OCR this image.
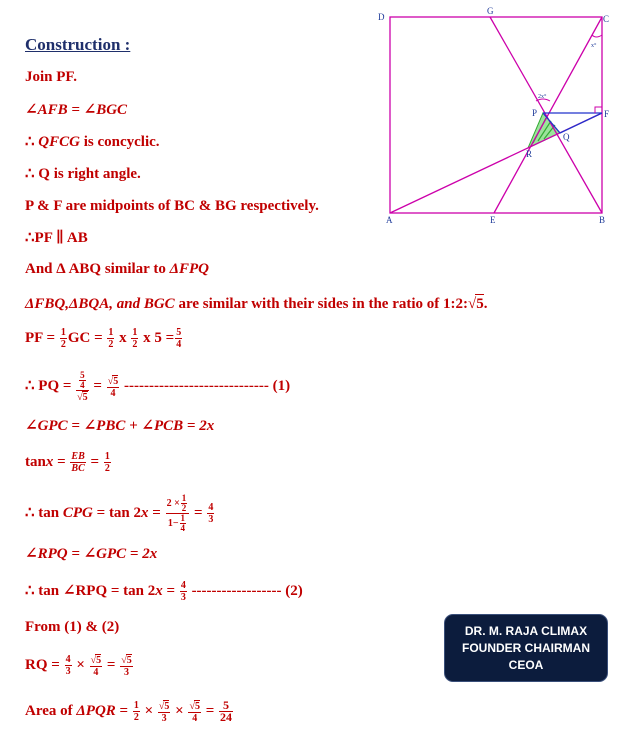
D
G
C
2x°
x°
P	F
Q
R
A	E	B
Construction :
Join PF.
∠AFB = ∠BGC
∴ QFCG is concyclic.
∴ Q is right angle.
P & F are midpoints of BC & BG respectively.
∴PF ∥ AB
And Δ ABQ similar to ΔFPQ
ΔFBQ,ΔBQA, and BGC are similar with their sides in the ratio of 1:2:√5.
PF = $\frac{1}{2}$ GC = $\frac{1}{2}$ x $\frac{1}{2}$ x $5 = \frac{5}{4}$
∴ PQ = $\frac{\frac{5}{4}}{√5} = \frac{√5}{4}$ ----------------------------- (1)
∠GPC = ∠PBC + ∠PCB = 2x
$\tan x = \frac{EB}{BC} = \frac{1}{2}$
∴ tan CPG = $\tan 2x = \frac{2 \times \frac{1}{2}}{1- \frac{1}{4}} = \frac{4}{3}$
∠RPQ = ∠GPC = 2x
∴ tan ∠RPQ = $\tan 2x = \frac{4}{3}$ ------------------ (2)
From (1) & (2)
RQ = $\frac{4}{3} \times \frac{√5}{4} = \frac{√5}{3}$
Area of $\Delta PQR = \frac{1}{2} \times \frac{√5}{3} \times \frac{√5}{4} = \frac{5}{24}$
DR. M. RAJA CLIMAX
FOUNDER CHAIRMAN
CEOA
